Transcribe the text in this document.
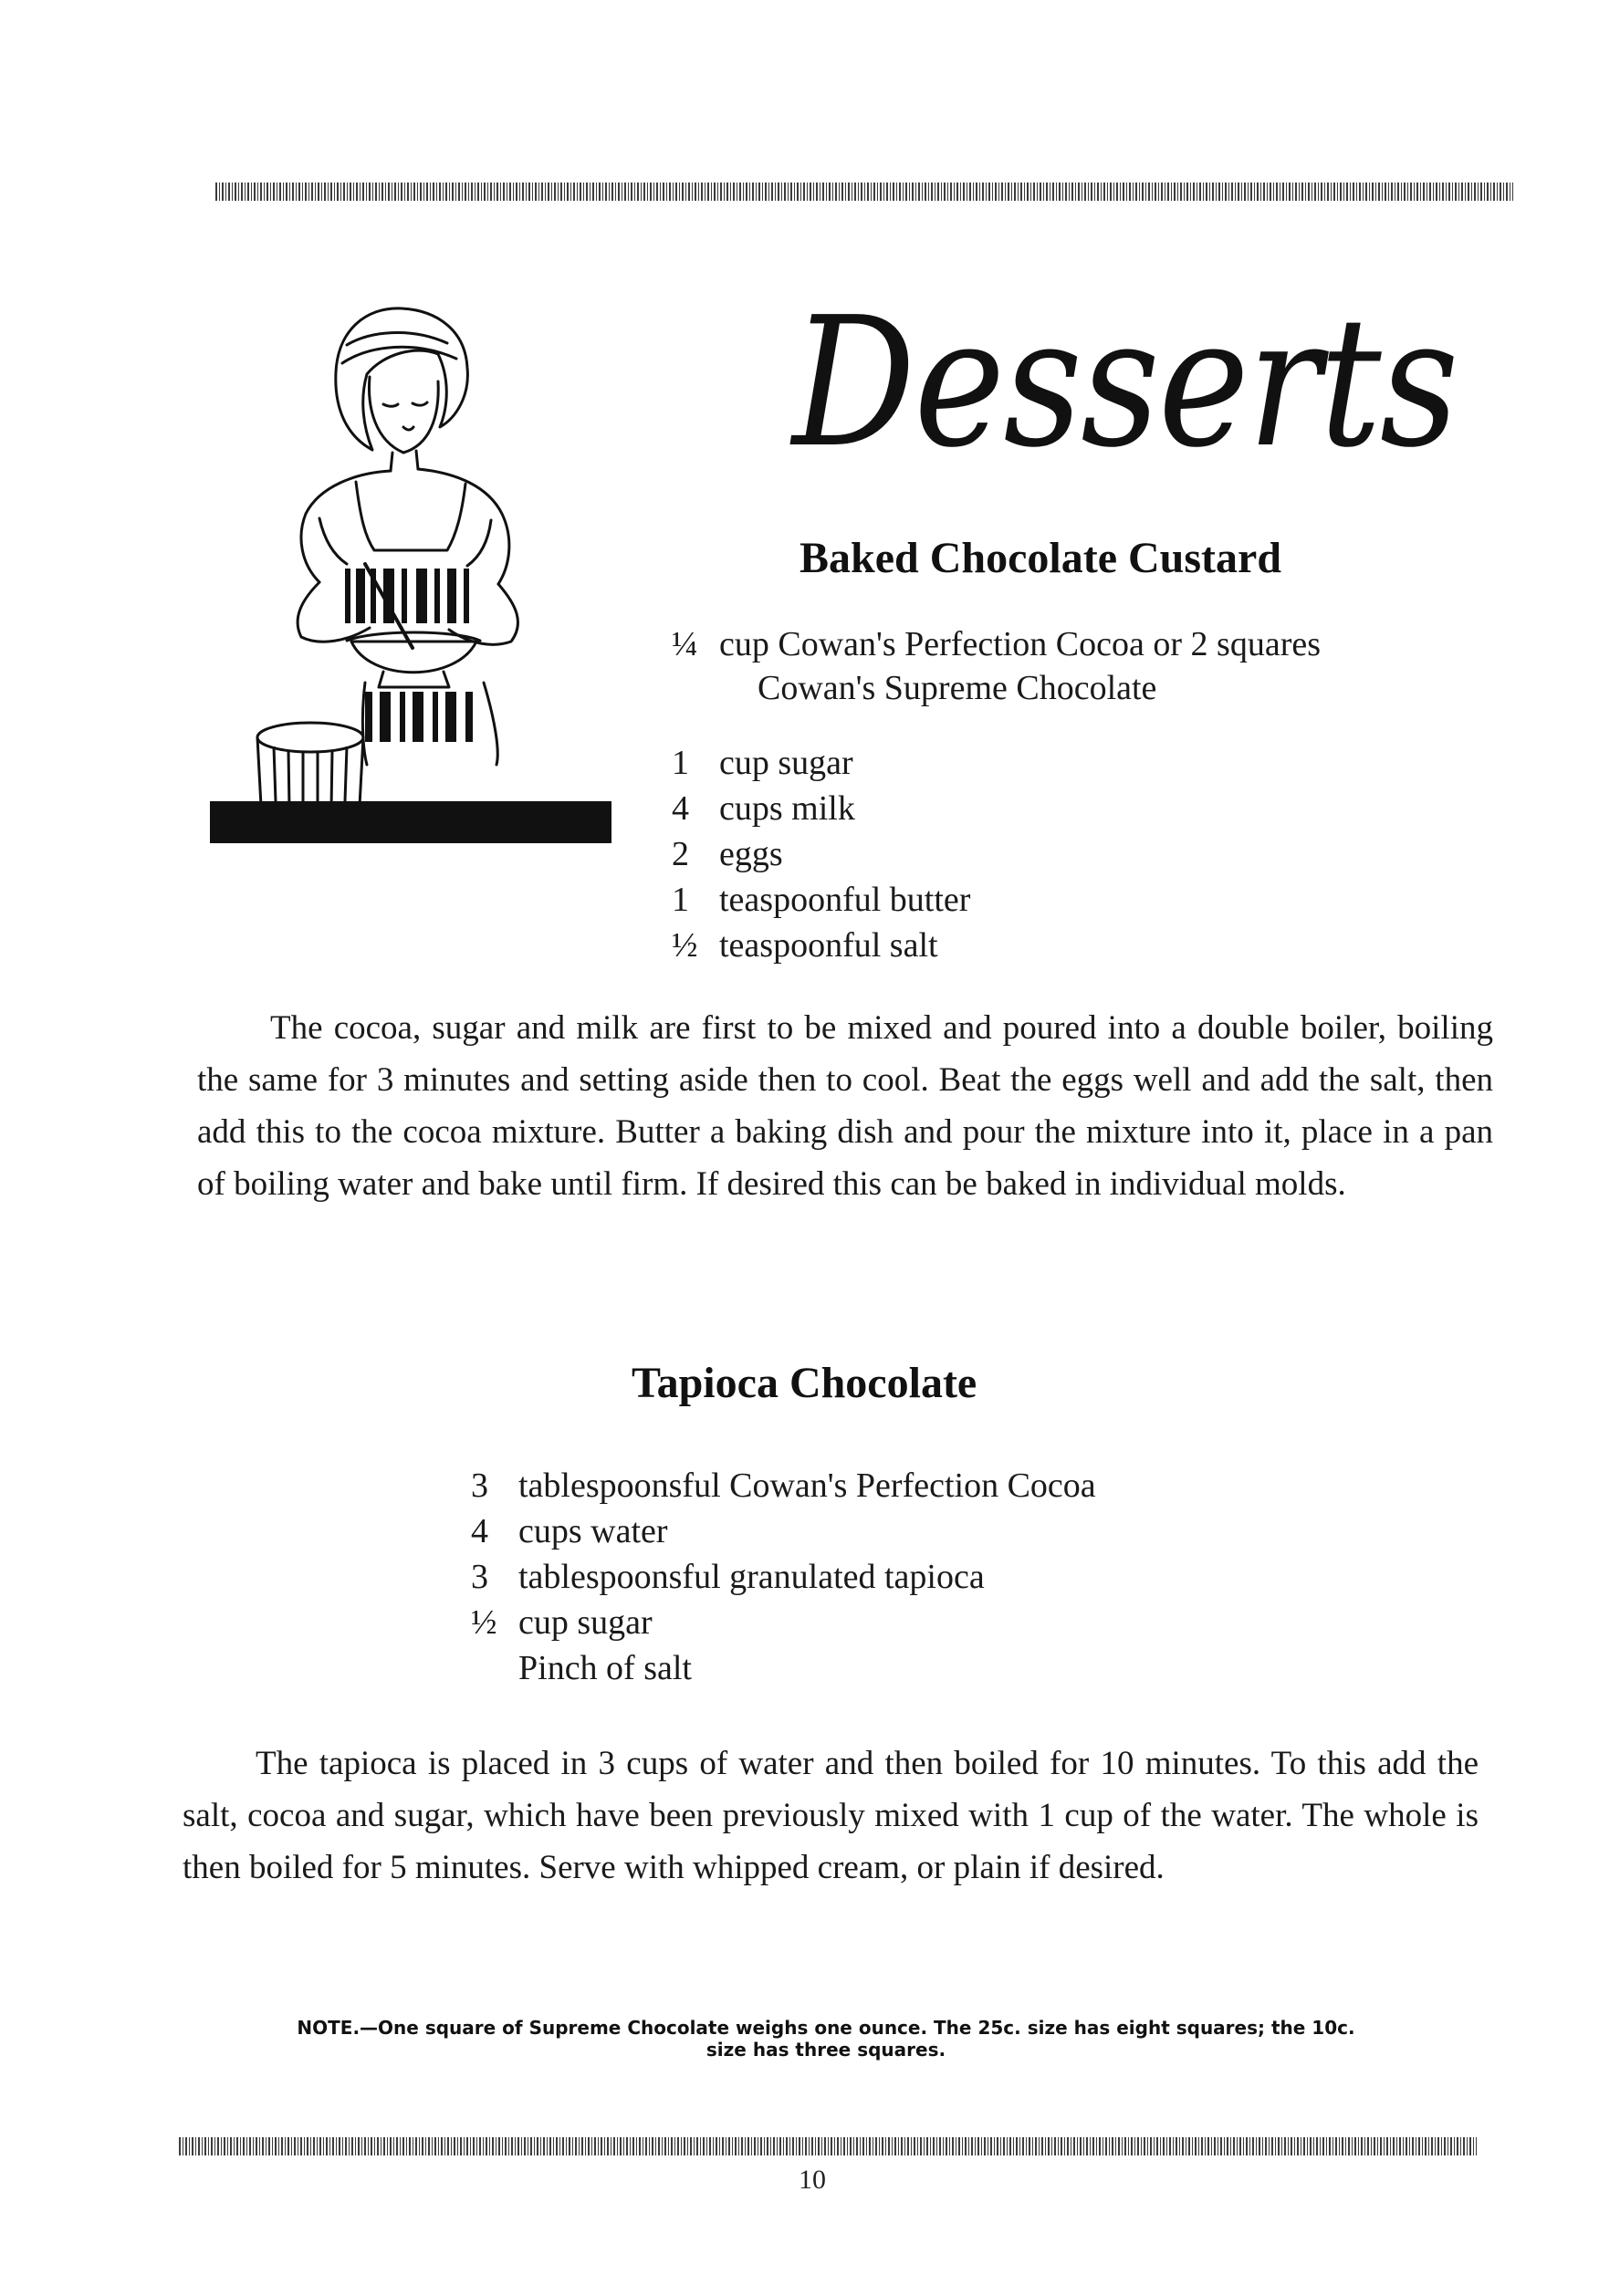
Desserts
Baked Chocolate Custard
¼ cup Cowan's Perfection Cocoa or 2 squares
Cowan's Supreme Chocolate
1 cup sugar
4 cups milk
2 eggs
1 teaspoonful butter
½ teaspoonful salt
The cocoa, sugar and milk are first to be mixed and poured into a double boiler, boiling the same for 3 minutes and setting aside then to cool. Beat the eggs well and add the salt, then add this to the cocoa mixture. Butter a baking dish and pour the mixture into it, place in a pan of boiling water and bake until firm. If desired this can be baked in individual molds.
Tapioca Chocolate
3 tablespoonsful Cowan's Perfection Cocoa
4 cups water
3 tablespoonsful granulated tapioca
½ cup sugar
Pinch of salt
The tapioca is placed in 3 cups of water and then boiled for 10 minutes. To this add the salt, cocoa and sugar, which have been previously mixed with 1 cup of the water. The whole is then boiled for 5 minutes. Serve with whipped cream, or plain if desired.
NOTE.—One square of Supreme Chocolate weighs one ounce. The 25c. size has eight squares; the 10c. size has three squares.
10
